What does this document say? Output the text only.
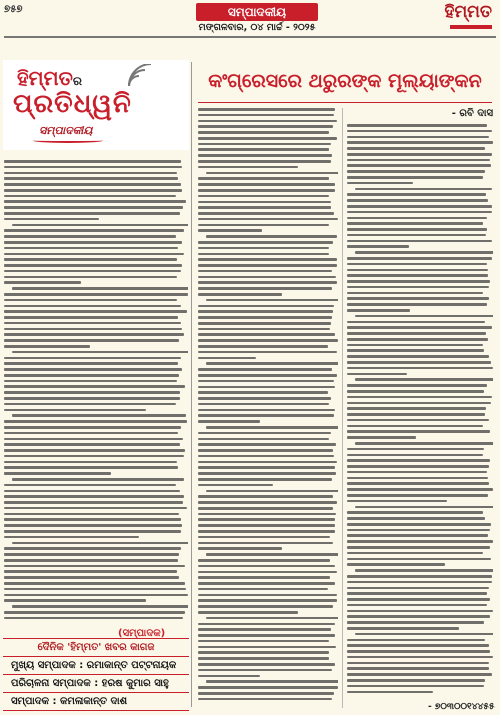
୭୫୭	ସମ୍ପାଦକୀୟ
ମଙ୍ଗଳବାର, ୦୪ ମାର୍ଚ୍ଚ - ୨୦୨୫
ହିମ୍ମତ
ହିମ୍ମତର
ପ୍ରତିଧ୍ୱନି
ସମ୍ପାଦକୀୟ
(ସମ୍ପାଦକ)
ଦୈନିକ 'ହିମ୍ମତ' ଖବର କାଗଜ
ମୁଖ୍ୟ ସମ୍ପାଦକ : ରମାକାନ୍ତ ପଟ୍ଟନାୟକ
ପରିଚାଳନା ସମ୍ପାଦକ : ହରଷ କୁମାର ସାହୁ
ସମ୍ପାଦକ : କମଳାକାନ୍ତ ଦାଶ
କଂଗ୍ରେସରେ ଥରୁରଙ୍କ ମୂଲ୍ୟାଙ୍କନ
- ରବି ଦାସ
- ୭୦୩୦୦୧୪୪୫୫
